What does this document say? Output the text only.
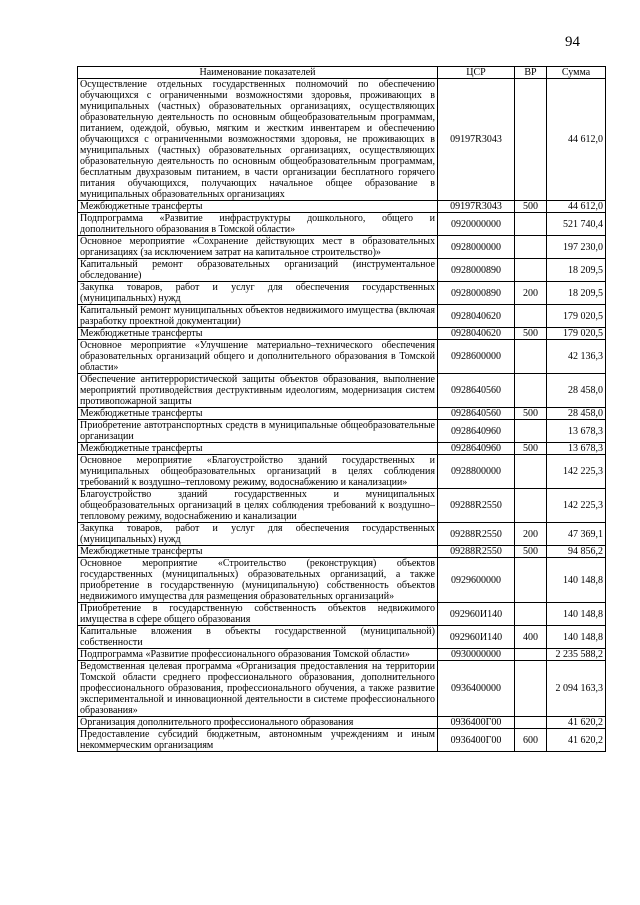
94
Наименование показателей	ЦСР	ВР	Сумма
Осуществление отдельных государственных полномочий по обеспечению обучающихся с ограниченными возможностями здоровья, проживающих в муниципальных (частных) образовательных организациях, осуществляющих образовательную деятельность по основным общеобразовательным программам, питанием, одеждой, обувью, мягким и жестким инвентарем и обеспечению обучающихся с ограниченными возможностями здоровья, не проживающих в муниципальных (частных) образовательных организациях, осуществляющих образовательную деятельность по основным общеобразовательным программам, бесплатным двухразовым питанием, в части организации бесплатного горячего питания обучающихся, получающих начальное общее образование в муниципальных образовательных организациях	09197R3043		44 612,0
Межбюджетные трансферты	09197R3043	500	44 612,0
Подпрограмма «Развитие инфраструктуры дошкольного, общего и дополнительного образования в Томской области»	0920000000		521 740,4
Основное мероприятие «Сохранение действующих мест в образовательных организациях (за исключением затрат на капитальное строительство)»	0928000000		197 230,0
Капитальный ремонт образовательных организаций (инструментальное обследование)	0928000890		18 209,5
Закупка товаров, работ и услуг для обеспечения государственных (муниципальных) нужд	0928000890	200	18 209,5
Капитальный ремонт муниципальных объектов недвижимого имущества (включая разработку проектной документации)	0928040620		179 020,5
Межбюджетные трансферты	0928040620	500	179 020,5
Основное мероприятие «Улучшение материально–технического обеспечения образовательных организаций общего и дополнительного образования в Томской области»	0928600000		42 136,3
Обеспечение антитеррористической защиты объектов образования, выполнение мероприятий противодействия деструктивным идеологиям, модернизация систем противопожарной защиты	0928640560		28 458,0
Межбюджетные трансферты	0928640560	500	28 458,0
Приобретение автотранспортных средств в муниципальные общеобразовательные организации	0928640960		13 678,3
Межбюджетные трансферты	0928640960	500	13 678,3
Основное мероприятие «Благоустройство зданий государственных и муниципальных общеобразовательных организаций в целях соблюдения требований к воздушно–тепловому режиму, водоснабжению и канализации»	0928800000		142 225,3
Благоустройство зданий государственных и муниципальных общеобразовательных организаций в целях соблюдения требований к воздушно–тепловому режиму, водоснабжению и канализации	09288R2550		142 225,3
Закупка товаров, работ и услуг для обеспечения государственных (муниципальных) нужд	09288R2550	200	47 369,1
Межбюджетные трансферты	09288R2550	500	94 856,2
Основное мероприятие «Строительство (реконструкция) объектов государственных (муниципальных) образовательных организаций, а также приобретение в государственную (муниципальную) собственность объектов недвижимого имущества для размещения образовательных организаций»	0929600000		140 148,8
Приобретение в государственную собственность объектов недвижимого имущества в сфере общего образования	092960И140		140 148,8
Капитальные вложения в объекты государственной (муниципальной) собственности	092960И140	400	140 148,8
Подпрограмма «Развитие профессионального образования Томской области»	0930000000		2 235 588,2
Ведомственная целевая программа «Организация предоставления на территории Томской области среднего профессионального образования, дополнительного профессионального образования, профессионального обучения, а также развитие экспериментальной и инновационной деятельности в системе профессионального образования»	0936400000		2 094 163,3
Организация дополнительного профессионального образования	0936400Г00		41 620,2
Предоставление субсидий бюджетным, автономным учреждениям и иным некоммерческим организациям	0936400Г00	600	41 620,2
